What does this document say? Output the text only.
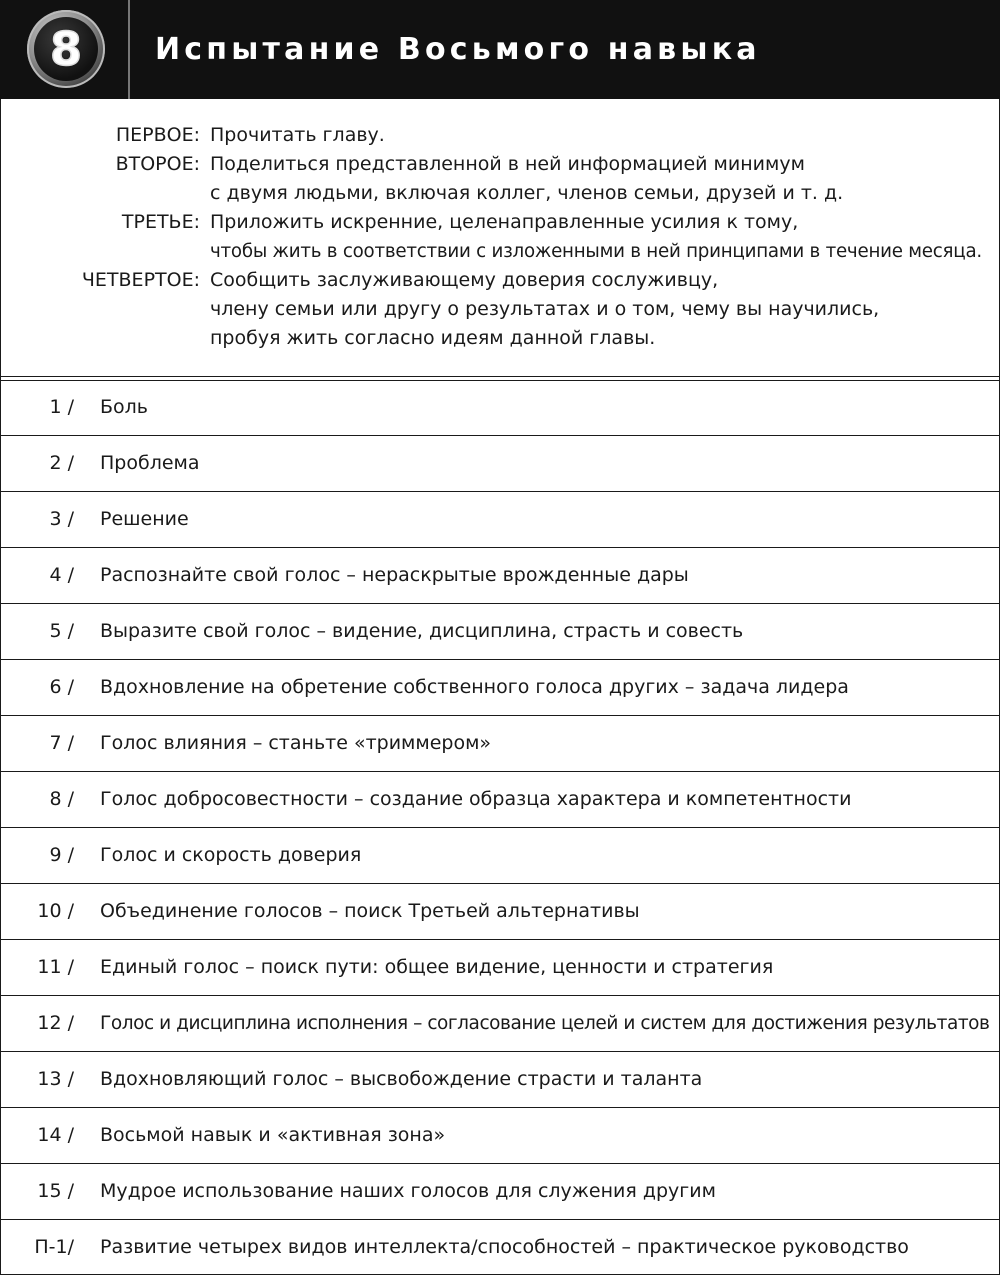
8	Испытание Восьмого навыка
ПЕРВОЕ: Прочитать главу.
ВТОРОЕ: Поделиться представленной в ней информацией минимум
с двумя людьми, включая коллег, членов семьи, друзей и т. д.
ТРЕТЬЕ: Приложить искренние, целенаправленные усилия к тому,
чтобы жить в соответствии с изложенными в ней принципами в течение месяца.
ЧЕТВЕРТОЕ: Сообщить заслуживающему доверия сослуживцу,
члену семьи или другу о результатах и о том, чему вы научились,
пробуя жить согласно идеям данной главы.
1 / Боль
2 / Проблема
3 / Решение
4 / Распознайте свой голос – нераскрытые врожденные дары
5 / Выразите свой голос – видение, дисциплина, страсть и совесть
6 / Вдохновление на обретение собственного голоса других – задача лидера
7 / Голос влияния – станьте «триммером»
8 / Голос добросовестности – создание образца характера и компетентности
9 / Голос и скорость доверия
10 / Объединение голосов – поиск Третьей альтернативы
11 / Единый голос – поиск пути: общее видение, ценности и стратегия
12 / Голос и дисциплина исполнения – согласование целей и систем для достижения результатов
13 / Вдохновляющий голос – высвобождение страсти и таланта
14 / Восьмой навык и «активная зона»
15 / Мудрое использование наших голосов для служения другим
П-1/ Развитие четырех видов интеллекта/способностей – практическое руководство
